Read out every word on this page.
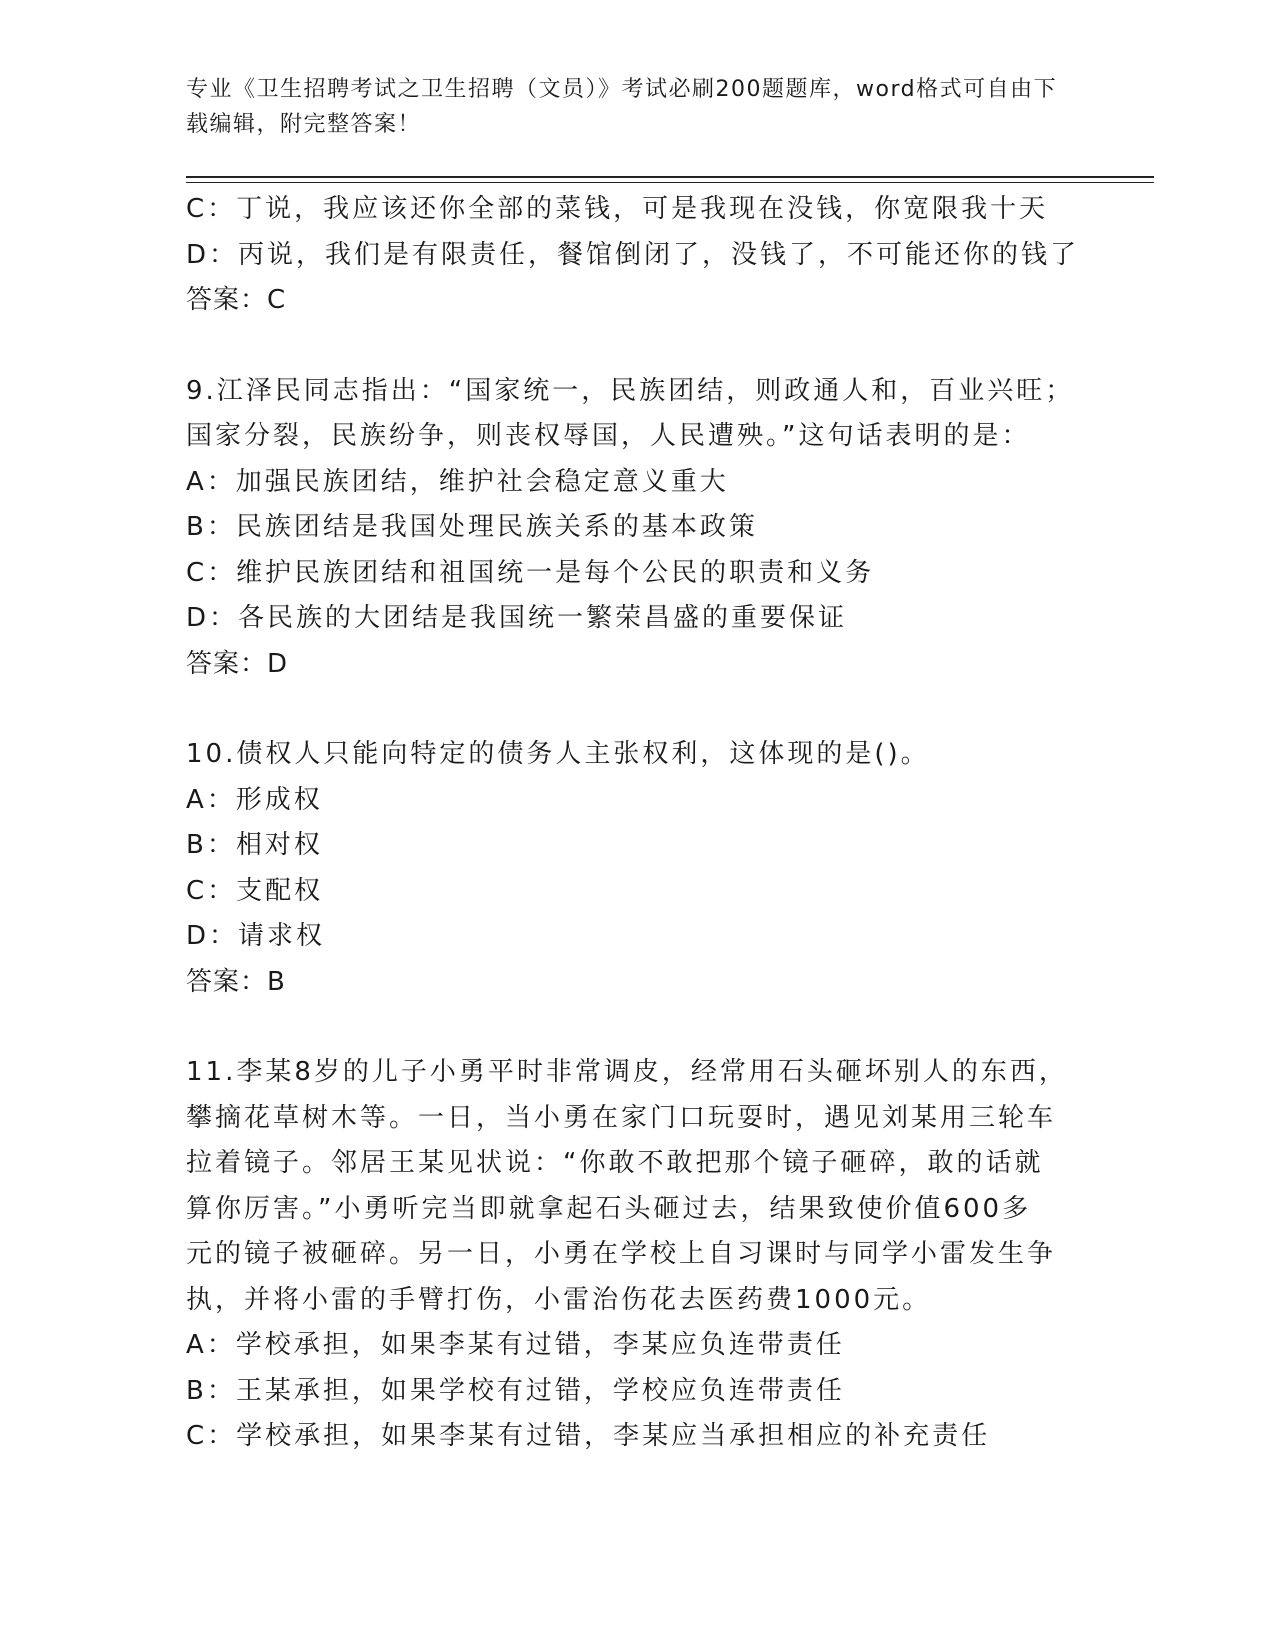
专业《卫生招聘考试之卫生招聘（文员）》考试必刷200题题库，word格式可自由下载编辑，附完整答案！
C：丁说，我应该还你全部的菜钱，可是我现在没钱，你宽限我十天
D：丙说，我们是有限责任，餐馆倒闭了，没钱了，不可能还你的钱了
答案：C
9.江泽民同志指出：“国家统一，民族团结，则政通人和，百业兴旺；
国家分裂，民族纷争，则丧权辱国，人民遭殃。”这句话表明的是：
A：加强民族团结，维护社会稳定意义重大
B：民族团结是我国处理民族关系的基本政策
C：维护民族团结和祖国统一是每个公民的职责和义务
D：各民族的大团结是我国统一繁荣昌盛的重要保证
答案：D
10.债权人只能向特定的债务人主张权利，这体现的是()。
A：形成权
B：相对权
C：支配权
D：请求权
答案：B
11.李某8岁的儿子小勇平时非常调皮，经常用石头砸坏别人的东西，
攀摘花草树木等。一日，当小勇在家门口玩耍时，遇见刘某用三轮车
拉着镜子。邻居王某见状说：“你敢不敢把那个镜子砸碎，敢的话就
算你厉害。”小勇听完当即就拿起石头砸过去，结果致使价值600多
元的镜子被砸碎。另一日，小勇在学校上自习课时与同学小雷发生争
执，并将小雷的手臂打伤，小雷治伤花去医药费1000元。
A：学校承担，如果李某有过错，李某应负连带责任
B：王某承担，如果学校有过错，学校应负连带责任
C：学校承担，如果李某有过错，李某应当承担相应的补充责任
